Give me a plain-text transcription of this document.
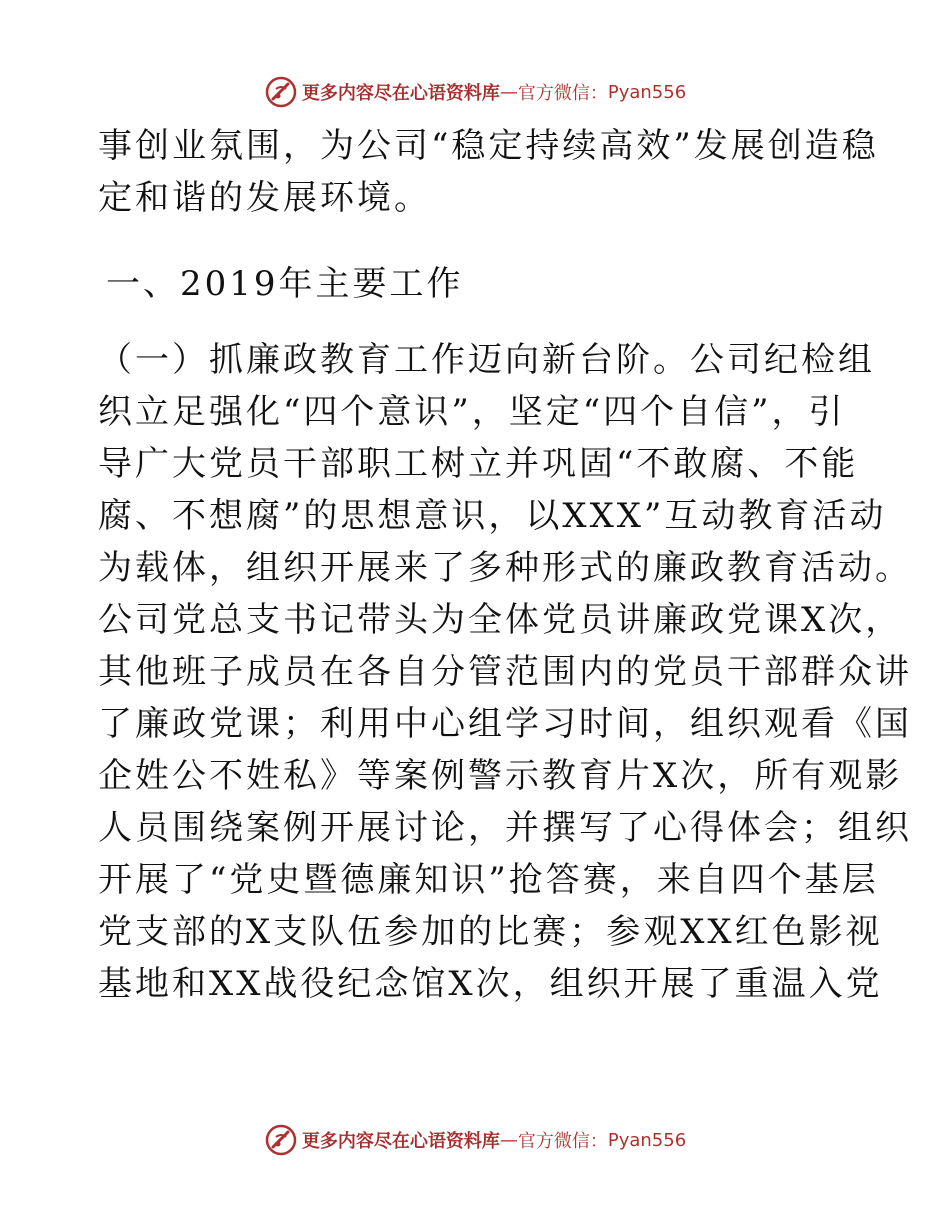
更多内容尽在心语资料库 — 官方微信： Pyan556
事创业氛围，为公司“稳定持续高效”发展创造稳
定和谐的发展环境。
一、2019年主要工作
（一）抓廉政教育工作迈向新台阶。公司纪检组
织立足强化“四个意识”，坚定“四个自信”，引
导广大党员干部职工树立并巩固“不敢腐、不能
腐、不想腐”的思想意识，以XXX”互动教育活动
为载体，组织开展来了多种形式的廉政教育活动。
公司党总支书记带头为全体党员讲廉政党课X次，
其他班子成员在各自分管范围内的党员干部群众讲
了廉政党课；利用中心组学习时间，组织观看《国
企姓公不姓私》等案例警示教育片X次，所有观影
人员围绕案例开展讨论，并撰写了心得体会；组织
开展了“党史暨德廉知识”抢答赛，来自四个基层
党支部的X支队伍参加的比赛；参观XX红色影视
基地和XX战役纪念馆X次，组织开展了重温入党
更多内容尽在心语资料库 — 官方微信： Pyan556
